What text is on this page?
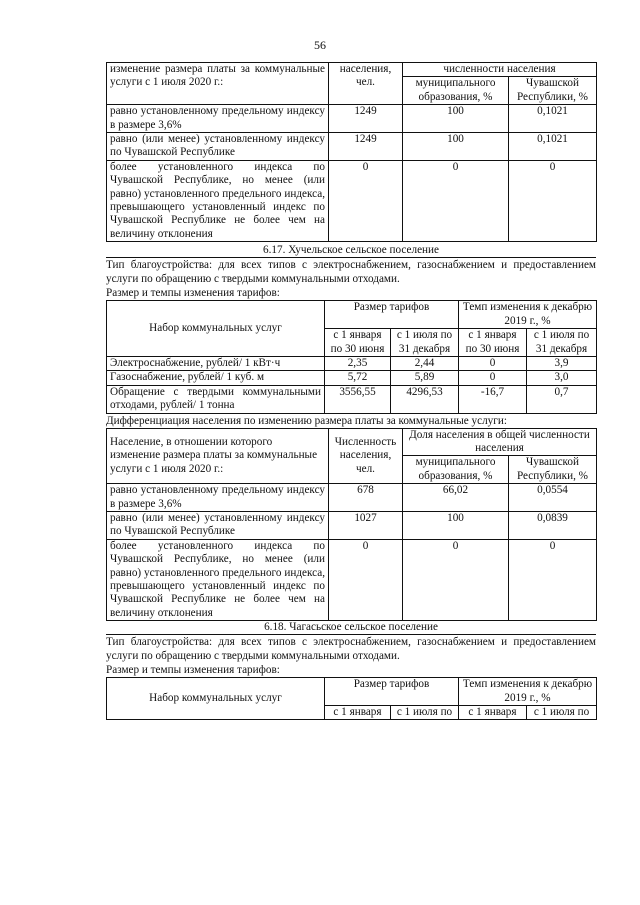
56
изменение размера платы за коммунальные услуги с 1 июля 2020 г.:	населения, чел.	численности населения	
		муниципального образования, %	Чувашской Республики, %
равно установленному предельному индексу в размере 3,6%	1249	100	0,1021
равно (или менее) установленному индексу по Чувашской Республике	1249	100	0,1021
более установленного индекса по Чувашской Республике, но менее (или равно) установленного предельного индекса, превышающего установленный индекс по Чувашской Республике не более чем на величину отклонения	0	0	0
6.17. Хучельское сельское поселение
Тип благоустройства: для всех типов с электроснабжением, газоснабжением и предоставлением услуги по обращению с твердыми коммунальными отходами.
Размер и темпы изменения тарифов:
Набор коммунальных услуг	Размер тарифов		Темп изменения к декабрю 2019 г., %	
	с 1 января по 30 июня	с 1 июля по 31 декабря	с 1 января по 30 июня	с 1 июля по 31 декабря
Электроснабжение, рублей/ 1 кВт·ч	2,35	2,44	0	3,9
Газоснабжение, рублей/ 1 куб. м	5,72	5,89	0	3,0
Обращение с твердыми коммунальными отходами, рублей/ 1 тонна	3556,55	4296,53	-16,7	0,7
Дифференциация населения по изменению размера платы за коммунальные услуги:
Население, в отношении которого изменение размера платы за коммунальные услуги с 1 июля 2020 г.:	Численность населения, чел.	Доля населения в общей численности населения	
		муниципального образования, %	Чувашской Республики, %
равно установленному предельному индексу в размере 3,6%	678	66,02	0,0554
равно (или менее) установленному индексу по Чувашской Республике	1027	100	0,0839
более установленного индекса по Чувашской Республике, но менее (или равно) установленного предельного индекса, превышающего установленный индекс по Чувашской Республике не более чем на величину отклонения	0	0	0
6.18. Чагасьское сельское поселение
Тип благоустройства: для всех типов с электроснабжением, газоснабжением и предоставлением услуги по обращению с твердыми коммунальными отходами.
Размер и темпы изменения тарифов:
Набор коммунальных услуг	Размер тарифов		Темп изменения к декабрю 2019 г., %	
	с 1 января	с 1 июля по	с 1 января	с 1 июля по
